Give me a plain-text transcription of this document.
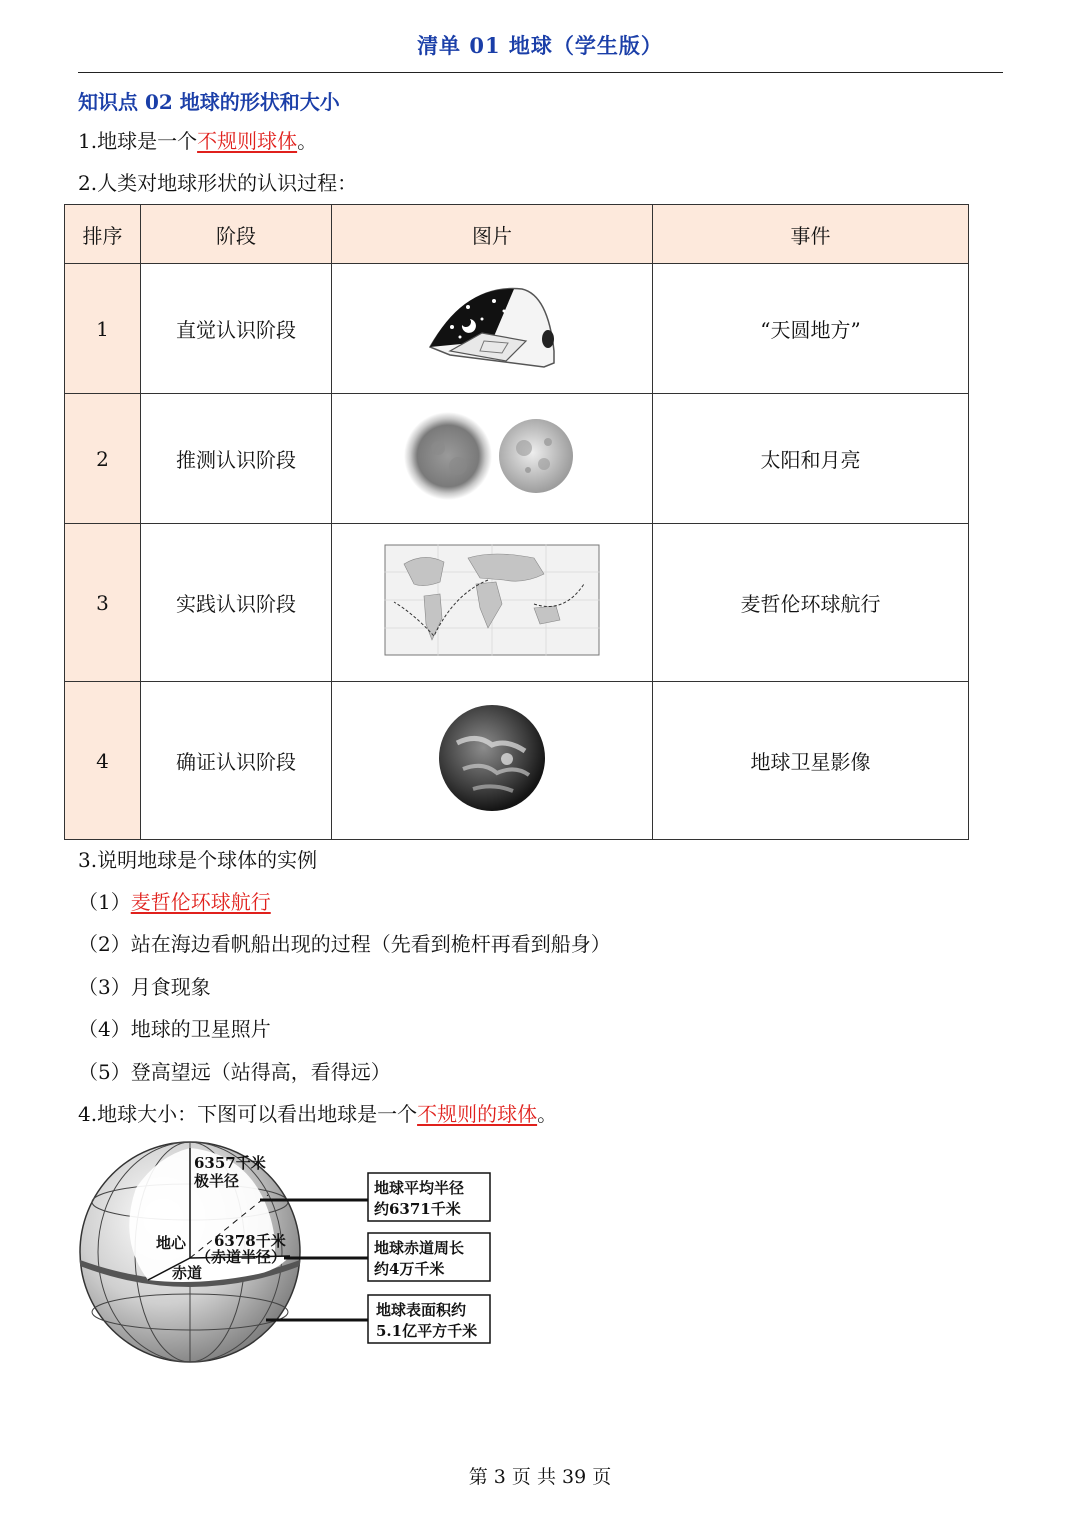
清单 01 地球（学生版）
知识点 02 地球的形状和大小
1.地球是一个不规则球体。
2.人类对地球形状的认识过程：
排序	阶段	图片	事件
1	直觉认识阶段		“天圆地方”
2	推测认识阶段		太阳和月亮
3	实践认识阶段		麦哲伦环球航行
4	确证认识阶段		地球卫星影像
3.说明地球是个球体的实例
（1）麦哲伦环球航行
（2）站在海边看帆船出现的过程（先看到桅杆再看到船身）
（3）月食现象
（4）地球的卫星照片
（5）登高望远（站得高，看得远）
4.地球大小：下图可以看出地球是一个不规则的球体。
地球平均半径
约6371千米
地球赤道周长
约4万千米
地球表面积约
5.1亿平方千米
6357千米
极半径
地心 6378千米
（赤道半径）
赤道
第 3 页 共 39 页
